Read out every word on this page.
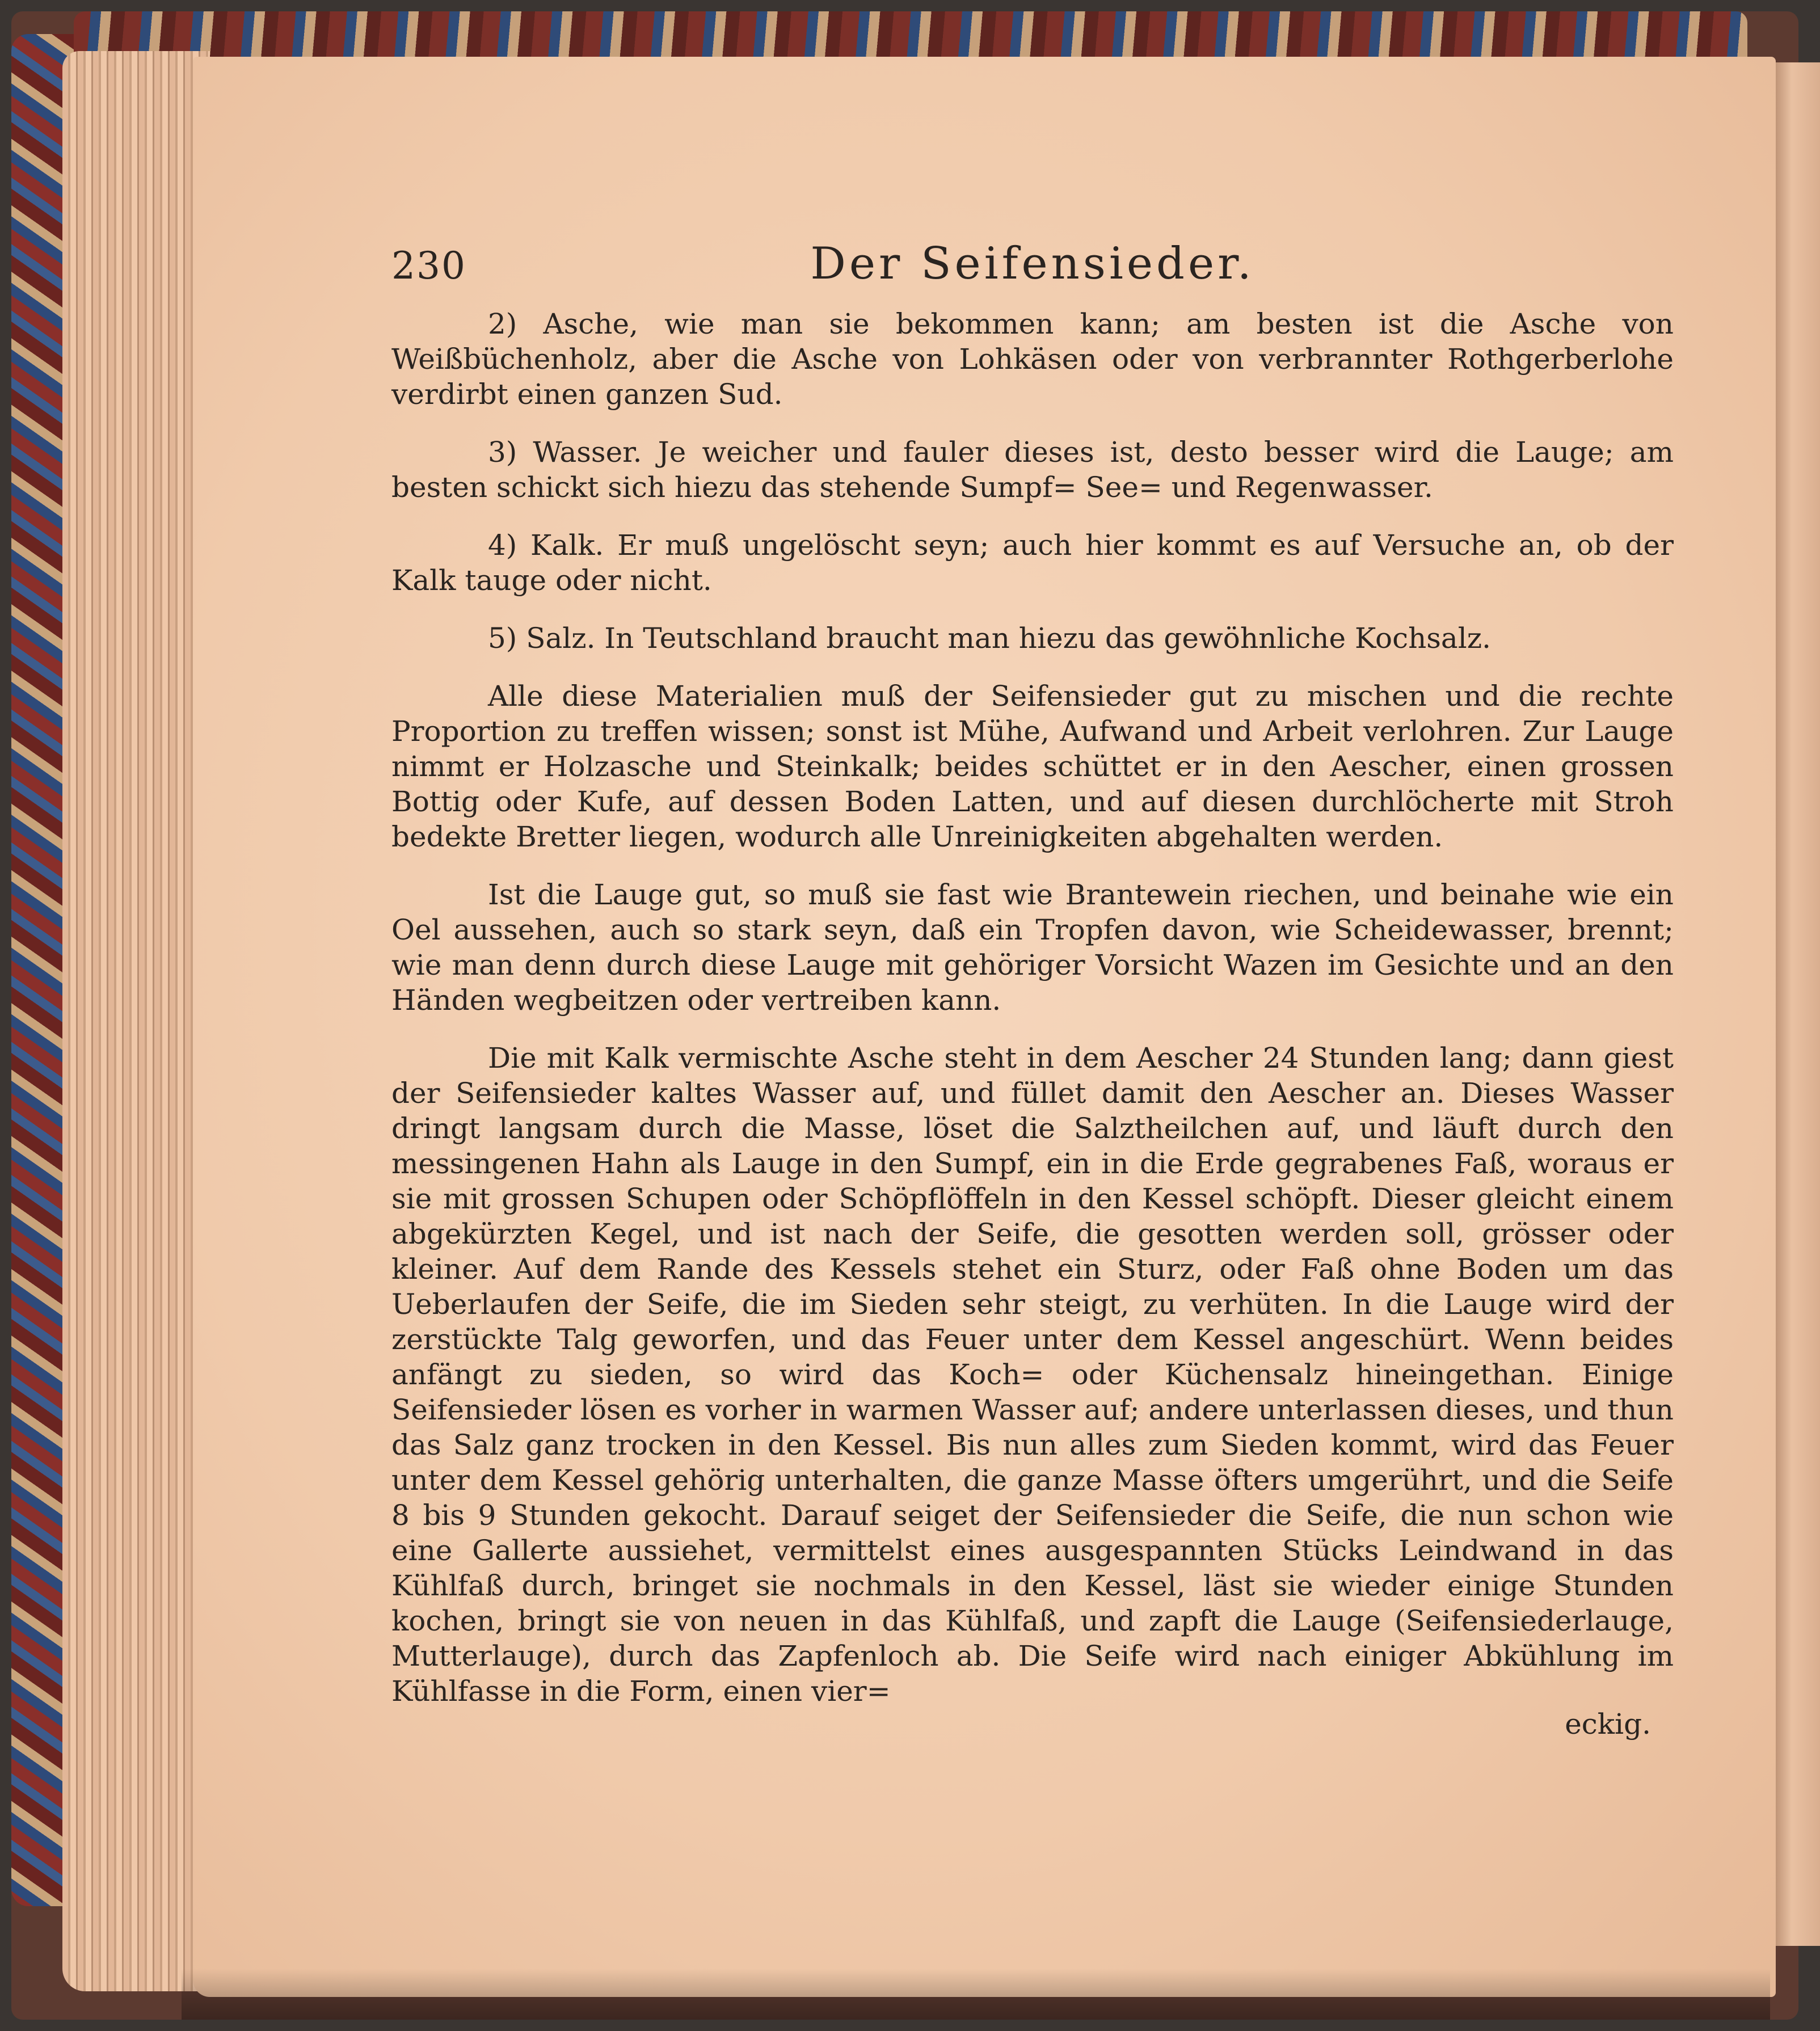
230	Der Seifensieder.

2) Asche, wie man sie bekommen kann; am besten ist die Asche von Weißbüchenholz, aber die Asche von Lohkäsen oder von verbrannter Rothgerberlohe verdirbt einen ganzen Sud.

3) Wasser. Je weicher und fauler dieses ist, desto besser wird die Lauge; am besten schickt sich hiezu das stehende Sumpf= See= und Regenwasser.

4) Kalk. Er muß ungelöscht seyn; auch hier kommt es auf Versuche an, ob der Kalk tauge oder nicht.

5) Salz. In Teutschland braucht man hiezu das gewöhnliche Kochsalz.

Alle diese Materialien muß der Seifensieder gut zu mischen und die rechte Proportion zu treffen wissen; sonst ist Mühe, Aufwand und Arbeit verlohren. Zur Lauge nimmt er Holzasche und Steinkalk; beides schüttet er in den Aescher, einen grossen Bottig oder Kufe, auf dessen Boden Latten, und auf diesen durchlöcherte mit Stroh bedekte Bretter liegen, wodurch alle Unreinigkeiten abgehalten werden.

Ist die Lauge gut, so muß sie fast wie Brantewein riechen, und beinahe wie ein Oel aussehen, auch so stark seyn, daß ein Tropfen davon, wie Scheidewasser, brennt; wie man denn durch diese Lauge mit gehöriger Vorsicht Wazen im Gesichte und an den Händen wegbeitzen oder vertreiben kann.

Die mit Kalk vermischte Asche steht in dem Aescher 24 Stunden lang; dann giest der Seifensieder kaltes Wasser auf, und füllet damit den Aescher an. Dieses Wasser dringt langsam durch die Masse, löset die Salztheilchen auf, und läuft durch den messingenen Hahn als Lauge in den Sumpf, ein in die Erde gegrabenes Faß, woraus er sie mit grossen Schupen oder Schöpflöffeln in den Kessel schöpft. Dieser gleicht einem abgekürzten Kegel, und ist nach der Seife, die gesotten werden soll, grösser oder kleiner. Auf dem Rande des Kessels stehet ein Sturz, oder Faß ohne Boden um das Ueberlaufen der Seife, die im Sieden sehr steigt, zu verhüten. In die Lauge wird der zerstückte Talg geworfen, und das Feuer unter dem Kessel angeschürt. Wenn beides anfängt zu sieden, so wird das Koch= oder Küchensalz hineingethan. Einige Seifensieder lösen es vorher in warmen Wasser auf; andere unterlassen dieses, und thun das Salz ganz trocken in den Kessel. Bis nun alles zum Sieden kommt, wird das Feuer unter dem Kessel gehörig unterhalten, die ganze Masse öfters umgerührt, und die Seife 8 bis 9 Stunden gekocht. Darauf seiget der Seifensieder die Seife, die nun schon wie eine Gallerte aussiehet, vermittelst eines ausgespannten Stücks Leindwand in das Kühlfaß durch, bringet sie nochmals in den Kessel, läst sie wieder einige Stunden kochen, bringt sie von neuen in das Kühlfaß, und zapft die Lauge (Seifensiederlauge, Mutterlauge), durch das Zapfenloch ab. Die Seife wird nach einiger Abkühlung im Kühlfasse in die Form, einen vier=

eckig.
